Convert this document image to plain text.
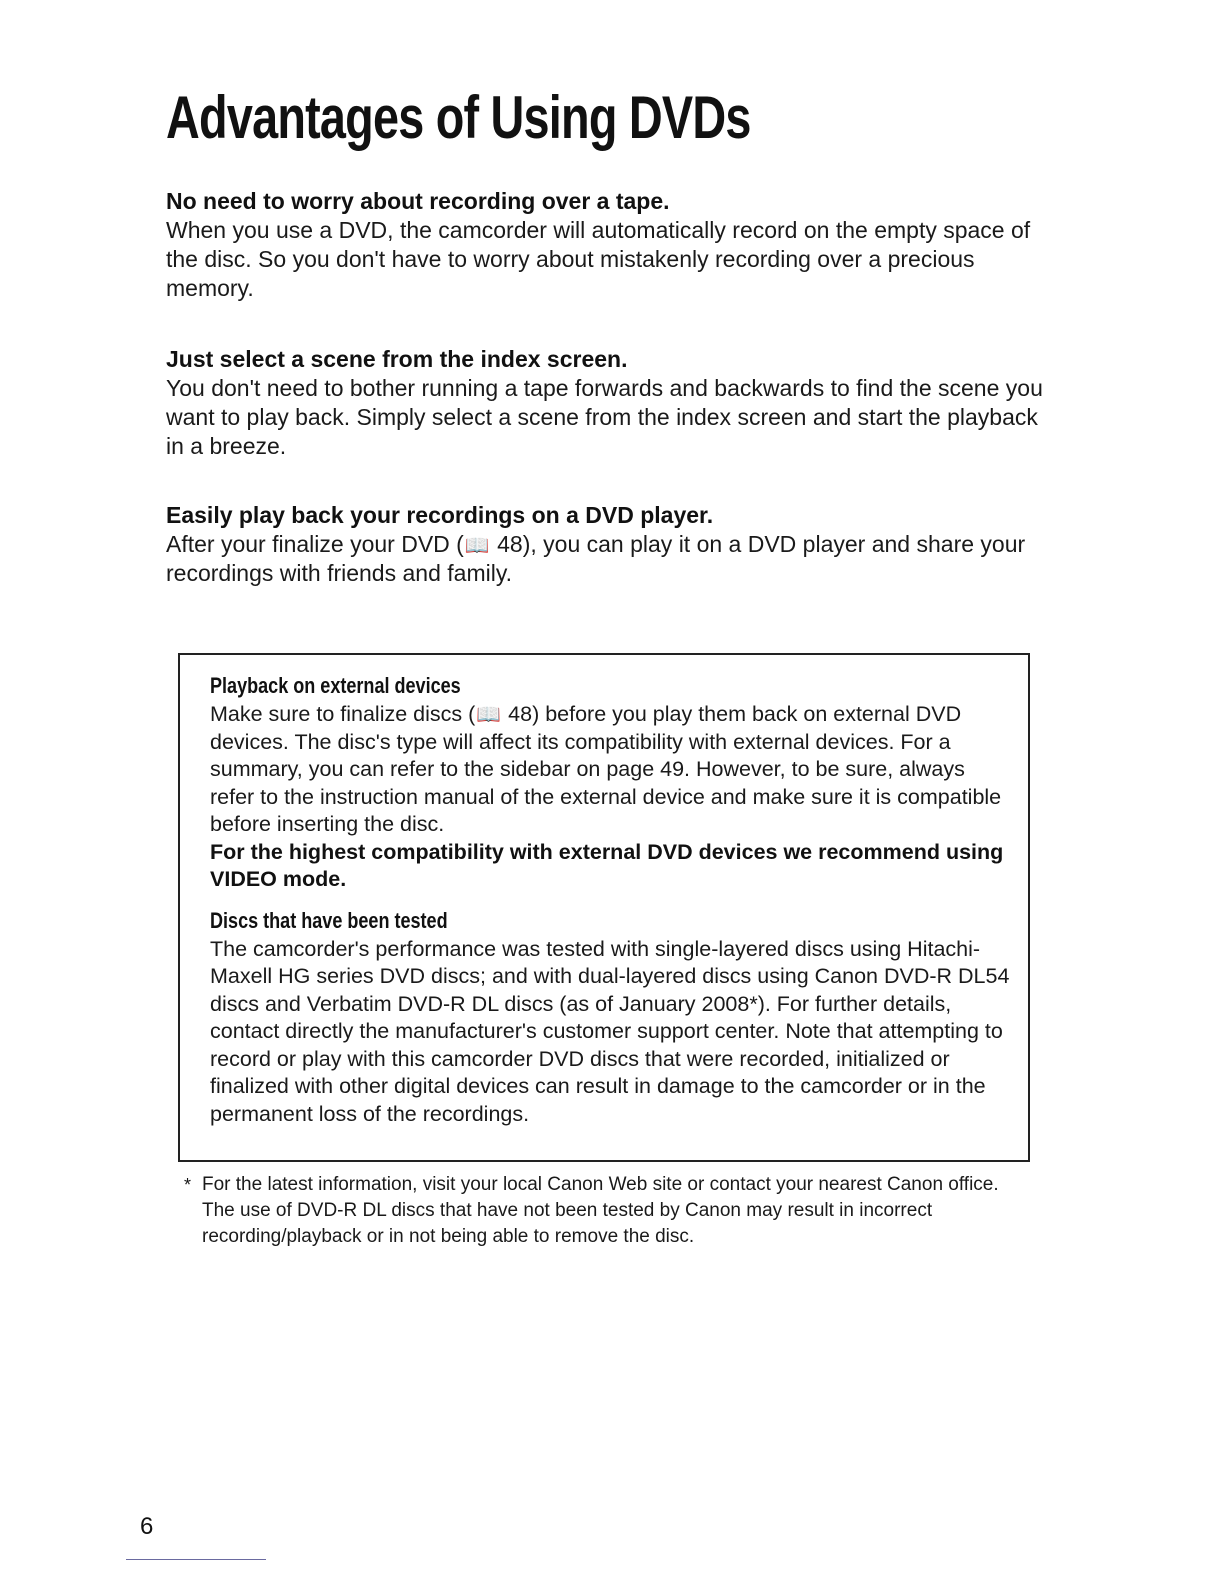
Advantages of Using DVDs

No need to worry about recording over a tape.

When you use a DVD, the camcorder will automatically record on the empty space of the disc. So you don't have to worry about mistakenly recording over a precious memory.

Just select a scene from the index screen.

You don't need to bother running a tape forwards and backwards to find the scene you want to play back. Simply select a scene from the index screen and start the playback in a breeze.

Easily play back your recordings on a DVD player.

After your finalize your DVD (📖 48), you can play it on a DVD player and share your recordings with friends and family.

Playback on external devices

Make sure to finalize discs (📖 48) before you play them back on external DVD devices. The disc's type will affect its compatibility with external devices. For a summary, you can refer to the sidebar on page 49. However, to be sure, always refer to the instruction manual of the external device and make sure it is compatible before inserting the disc.

For the highest compatibility with external DVD devices we recommend using VIDEO mode.

Discs that have been tested

The camcorder's performance was tested with single-layered discs using Hitachi-Maxell HG series DVD discs; and with dual-layered discs using Canon DVD-R DL54 discs and Verbatim DVD-R DL discs (as of January 2008*). For further details, contact directly the manufacturer's customer support center. Note that attempting to record or play with this camcorder DVD discs that were recorded, initialized or finalized with other digital devices can result in damage to the camcorder or in the permanent loss of the recordings.

* For the latest information, visit your local Canon Web site or contact your nearest Canon office. The use of DVD-R DL discs that have not been tested by Canon may result in incorrect recording/playback or in not being able to remove the disc.

6
